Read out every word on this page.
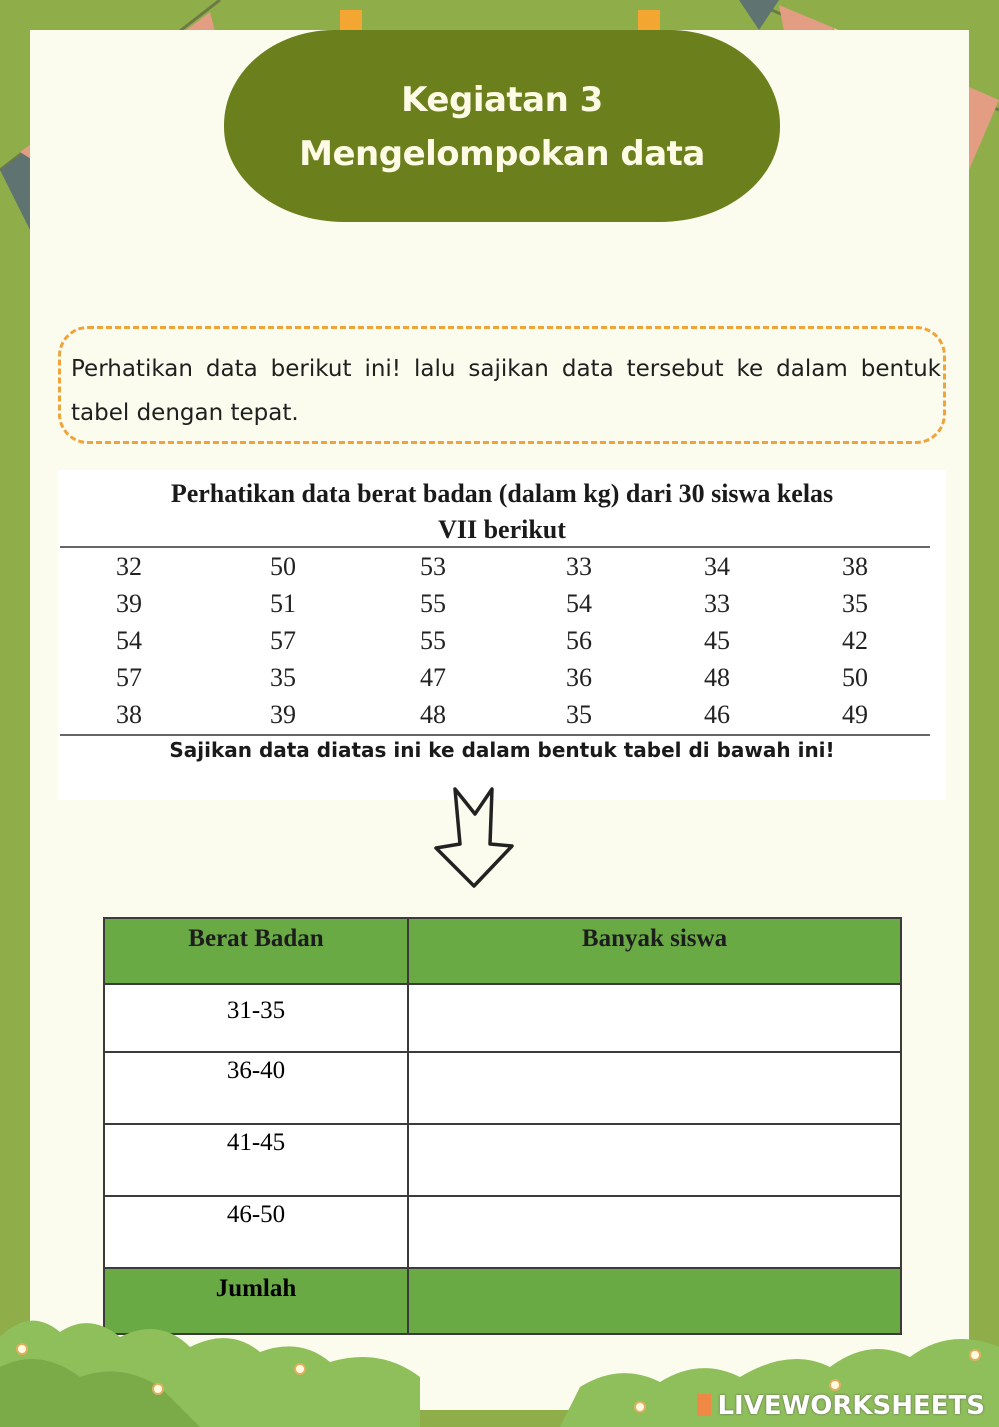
Kegiatan 3
Mengelompokan data

Perhatikan data berikut ini! lalu sajikan data tersebut ke dalam bentuk tabel dengan tepat.

Perhatikan data berat badan (dalam kg) dari 30 siswa kelas
VII berikut
32	50	53	33	34	38
39	51	55	54	33	35
54	57	55	56	45	42
57	35	47	36	48	50
38	39	48	35	46	49
Sajikan data diatas ini ke dalam bentuk tabel di bawah ini!
Berat Badan	Banyak siswa
31-35	
36-40	
41-45	
46-50	
Jumlah	
LIVEWORKSHEETS
